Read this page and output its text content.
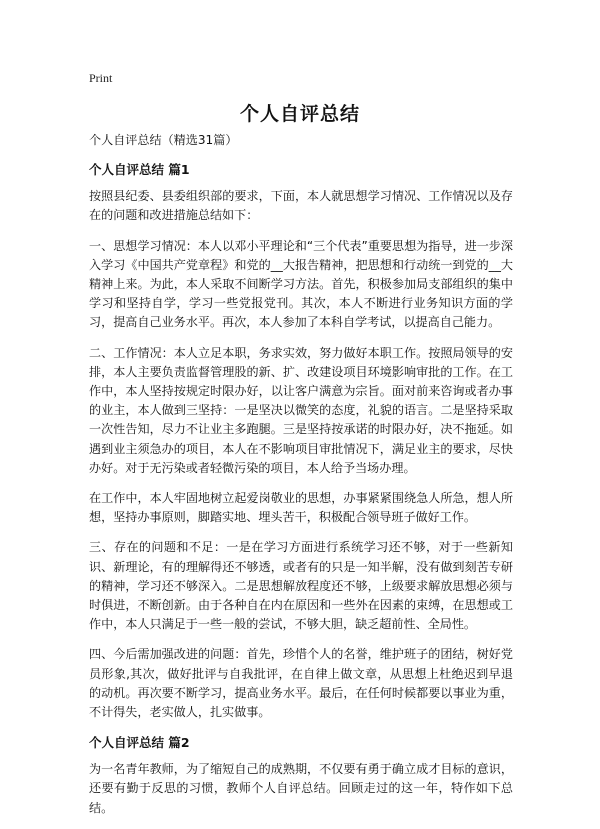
Print
个人自评总结

个人自评总结（精选31篇）

个人自评总结 篇1

按照县纪委、县委组织部的要求，下面，本人就思想学习情况、工作情况以及存在的问题和改进措施总结如下：

一、思想学习情况：本人以邓小平理论和“三个代表”重要思想为指导，进一步深入学习《中国共产党章程》和党的__大报告精神，把思想和行动统一到党的__大精神上来。为此，本人采取不间断学习方法。首先，积极参加局支部组织的集中学习和坚持自学，学习一些党报党刊。其次，本人不断进行业务知识方面的学习，提高自己业务水平。再次，本人参加了本科自学考试，以提高自己能力。

二、工作情况：本人立足本职，务求实效，努力做好本职工作。按照局领导的安排，本人主要负责监督管理股的新、扩、改建设项目环境影响审批的工作。在工作中，本人坚持按规定时限办好，以让客户满意为宗旨。面对前来咨询或者办事的业主，本人做到三坚持：一是坚决以微笑的态度，礼貌的语言。二是坚持采取一次性告知，尽力不让业主多跑腿。三是坚持按承诺的时限办好，决不拖延。如遇到业主须急办的项目，本人在不影响项目审批情况下，满足业主的要求，尽快办好。对于无污染或者轻微污染的项目，本人给予当场办理。

在工作中，本人牢固地树立起爱岗敬业的思想，办事紧紧围绕急人所急，想人所想，坚持办事原则，脚踏实地、埋头苦干，积极配合领导班子做好工作。

三、存在的问题和不足：一是在学习方面进行系统学习还不够，对于一些新知识、新理论，有的理解得还不够透，或者有的只是一知半解，没有做到刻苦专研的精神，学习还不够深入。二是思想解放程度还不够，上级要求解放思想必须与时俱进，不断创新。由于各种自在内在原因和一些外在因素的束缚，在思想或工作中，本人只满足于一些一般的尝试，不够大胆，缺乏超前性、全局性。

四、今后需加强改进的问题：首先，珍惜个人的名誉，维护班子的团结，树好党员形象,其次，做好批评与自我批评，在自律上做文章，从思想上杜绝迟到早退的动机。再次要不断学习，提高业务水平。最后，在任何时候都要以事业为重，不计得失，老实做人，扎实做事。

个人自评总结 篇2

为一名青年教师，为了缩短自己的成熟期，不仅要有勇于确立成才目标的意识，还要有勤于反思的习惯，教师个人自评总结。回顾走过的这一年，特作如下总结。
